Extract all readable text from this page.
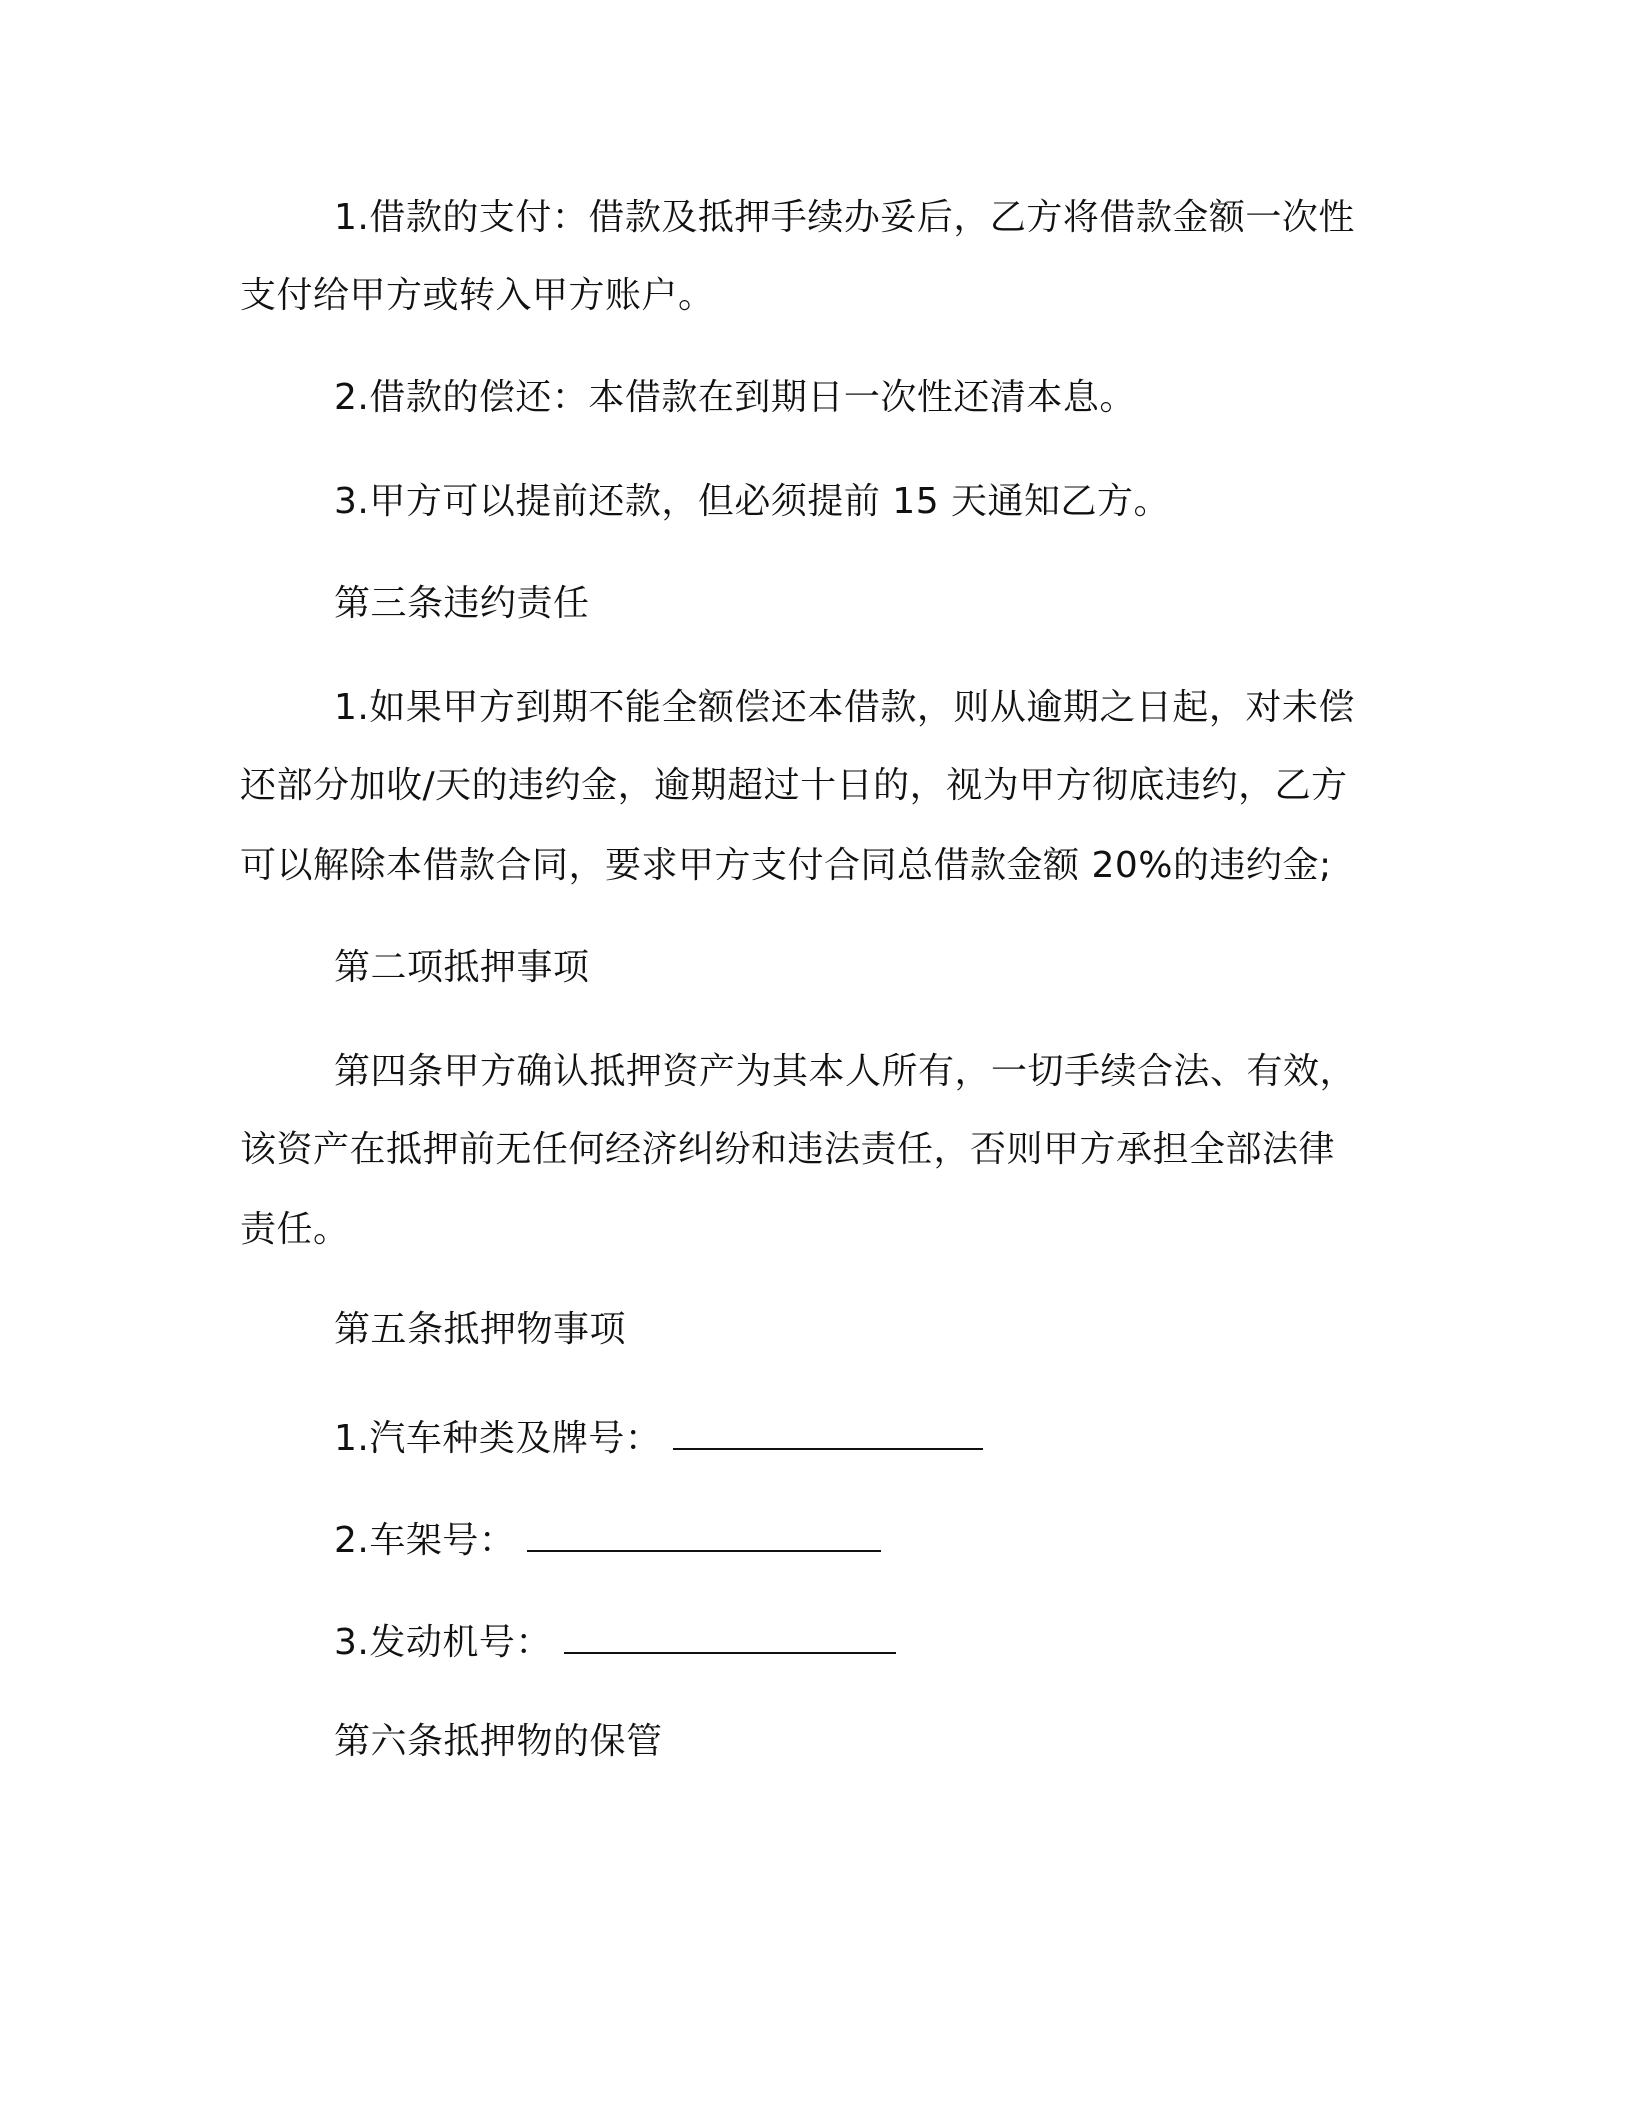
1.借款的支付：借款及抵押手续办妥后，乙方将借款金额一次性
支付给甲方或转入甲方账户。
2.借款的偿还：本借款在到期日一次性还清本息。
3.甲方可以提前还款，但必须提前 15 天通知乙方。
第三条违约责任
1.如果甲方到期不能全额偿还本借款，则从逾期之日起，对未偿
还部分加收/天的违约金，逾期超过十日的，视为甲方彻底违约，乙方
可以解除本借款合同，要求甲方支付合同总借款金额 20%的违约金;
第二项抵押事项
第四条甲方确认抵押资产为其本人所有，一切手续合法、有效，
该资产在抵押前无任何经济纠纷和违法责任，否则甲方承担全部法律
责任。
第五条抵押物事项
1.汽车种类及牌号：
2.车架号：
3.发动机号：
第六条抵押物的保管
